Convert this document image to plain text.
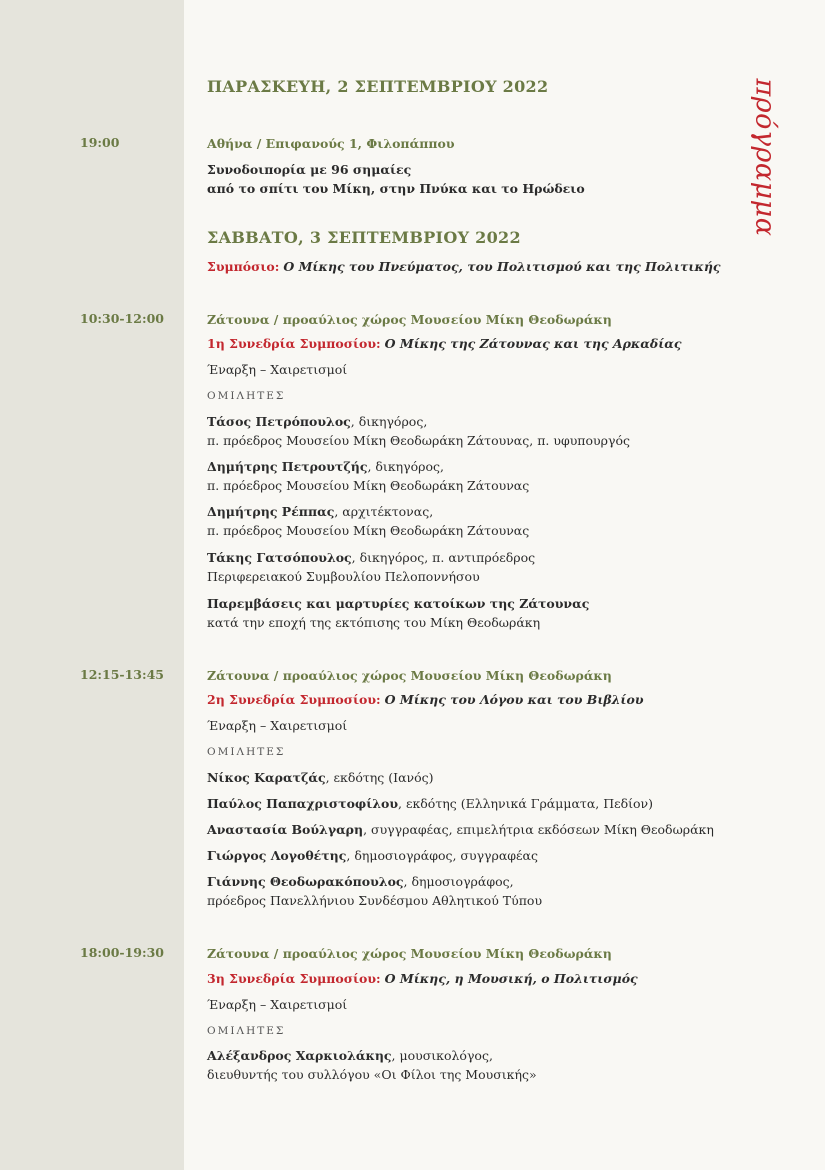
πρόγραμμα
ΠΑΡΑΣΚΕΥΗ, 2 ΣΕΠΤΕΜΒΡΙΟΥ 2022
19:00	Αθήνα / Επιφανούς 1, Φιλοπάππου
Συνοδοιπορία με 96 σημαίες
από το σπίτι του Μίκη, στην Πνύκα και το Ηρώδειο
ΣΑΒΒΑΤΟ, 3 ΣΕΠΤΕΜΒΡΙΟΥ 2022
Συμπόσιο: Ο Μίκης του Πνεύματος, του Πολιτισμού και της Πολιτικής
10:30-12:00	Ζάτουνα / προαύλιος χώρος Μουσείου Μίκη Θεοδωράκη
1η Συνεδρία Συμποσίου: Ο Μίκης της Ζάτουνας και της Αρκαδίας
Έναρξη – Χαιρετισμοί
ΟΜΙΛΗΤΕΣ
Τάσος Πετρόπουλος, δικηγόρος,
π. πρόεδρος Μουσείου Μίκη Θεοδωράκη Ζάτουνας, π. υφυπουργός
Δημήτρης Πετρουτζής, δικηγόρος,
π. πρόεδρος Μουσείου Μίκη Θεοδωράκη Ζάτουνας
Δημήτρης Ρέππας, αρχιτέκτονας,
π. πρόεδρος Μουσείου Μίκη Θεοδωράκη Ζάτουνας
Τάκης Γατσόπουλος, δικηγόρος, π. αντιπρόεδρος
Περιφερειακού Συμβουλίου Πελοποννήσου
Παρεμβάσεις και μαρτυρίες κατοίκων της Ζάτουνας
κατά την εποχή της εκτόπισης του Μίκη Θεοδωράκη
12:15-13:45	Ζάτουνα / προαύλιος χώρος Μουσείου Μίκη Θεοδωράκη
2η Συνεδρία Συμποσίου: Ο Μίκης του Λόγου και του Βιβλίου
Έναρξη – Χαιρετισμοί
ΟΜΙΛΗΤΕΣ
Νίκος Καρατζάς, εκδότης (Ιανός)
Παύλος Παπαχριστοφίλου, εκδότης (Ελληνικά Γράμματα, Πεδίον)
Αναστασία Βούλγαρη, συγγραφέας, επιμελήτρια εκδόσεων Μίκη Θεοδωράκη
Γιώργος Λογοθέτης, δημοσιογράφος, συγγραφέας
Γιάννης Θεοδωρακόπουλος, δημοσιογράφος,
πρόεδρος Πανελλήνιου Συνδέσμου Αθλητικού Τύπου
18:00-19:30	Ζάτουνα / προαύλιος χώρος Μουσείου Μίκη Θεοδωράκη
3η Συνεδρία Συμποσίου: Ο Μίκης, η Μουσική, ο Πολιτισμός
Έναρξη – Χαιρετισμοί
ΟΜΙΛΗΤΕΣ
Αλέξανδρος Χαρκιολάκης, μουσικολόγος,
διευθυντής του συλλόγου «Οι Φίλοι της Μουσικής»
